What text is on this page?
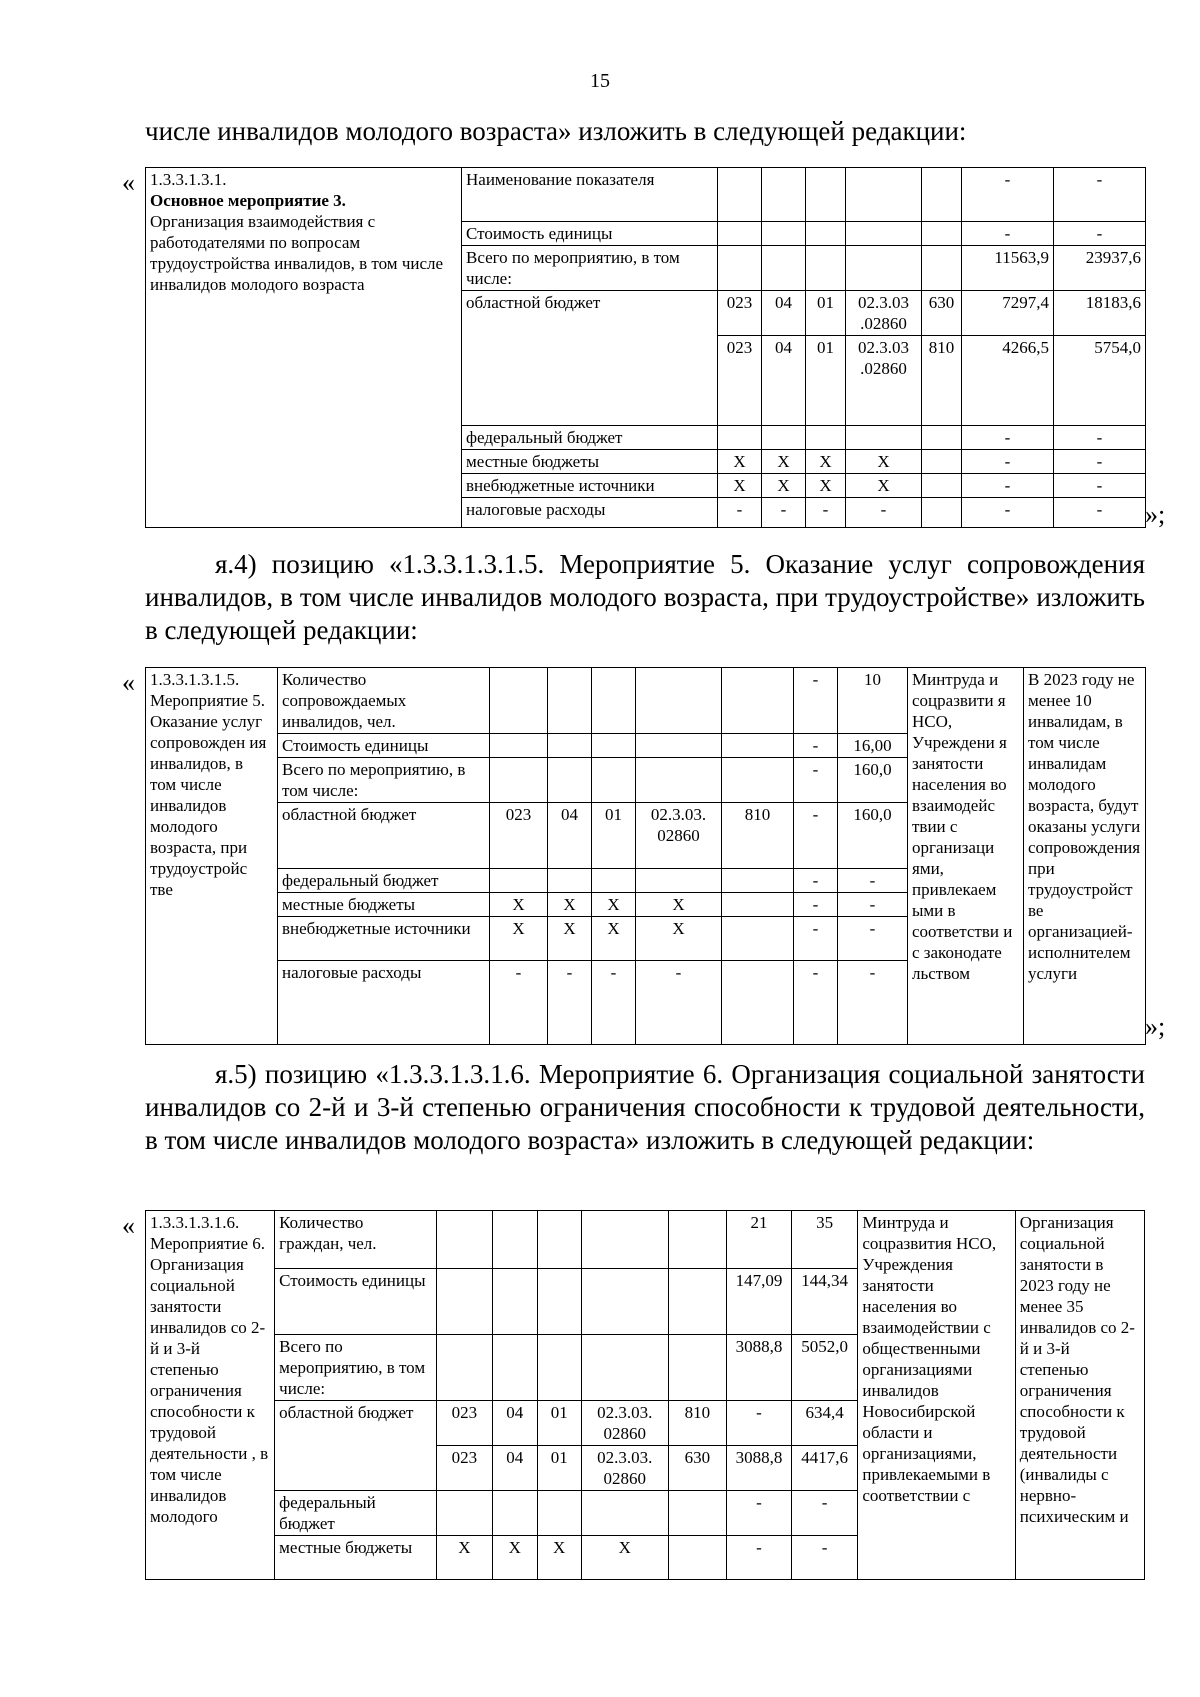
15
числе инвалидов молодого возраста» изложить в следующей редакции:
« 1.3.3.1.3.1.
Основное мероприятие 3.
Организация взаимодействия с работодателями по вопросам трудоустройства инвалидов, в том числе инвалидов молодого возраста	Наименование показателя						-	-
	Стоимость единицы						-	-
	Всего по мероприятию, в том числе:						11563,9	23937,6
	областной бюджет	023	04	01	02.3.03 .02860	630	7297,4	18183,6
		023	04	01	02.3.03 .02860	810	4266,5	5754,0
	федеральный бюджет						-	-
	местные бюджеты	Х	Х	Х	Х		-	-
	внебюджетные источники	Х	Х	Х	Х		-	-
	налоговые расходы	-	-	-	-		-	- »;
я.4) позицию «1.3.3.1.3.1.5. Мероприятие 5. Оказание услуг сопровождения инвалидов, в том числе инвалидов молодого возраста, при трудоустройстве» изложить в следующей редакции:
« 1.3.3.1.3.1.5. Мероприятие 5. Оказание услуг сопровожден ия инвалидов, в том числе инвалидов молодого возраста, при трудоустройс тве	Количество сопровождаемых инвалидов, чел.						-	10	Минтруда и соцразвити я НСО, Учреждени я занятости населения во взаимодейс твии с организаци ями, привлекаем ыми в соответстви и с законодате льством	В 2023 году не менее 10 инвалидам, в том числе инвалидам молодого возраста, будут оказаны услуги сопровождения при трудоустройст ве организацией-исполнителем услуги
	Стоимость единицы						-	16,00		
	Всего по мероприятию, в том числе:						-	160,0		
	областной бюджет	023	04	01	02.3.03. 02860	810	-	160,0		
	федеральный бюджет						-	-		
	местные бюджеты	Х	Х	Х	Х		-	-		
	внебюджетные источники	Х	Х	Х	Х		-	-		
	налоговые расходы	-	-	-	-		-	-		
»;
я.5) позицию «1.3.3.1.3.1.6. Мероприятие 6. Организация социальной занятости инвалидов со 2-й и 3-й степенью ограничения способности к трудовой деятельности, в том числе инвалидов молодого возраста» изложить в следующей редакции:
« 1.3.3.1.3.1.6. Мероприятие 6. Организация социальной занятости инвалидов со 2-й и 3-й степенью ограничения способности к трудовой деятельности , в том числе инвалидов молодого	Количество граждан, чел.						21	35	Минтруда и соцразвития НСО, Учреждения занятости населения во взаимодействии с общественными организациями инвалидов Новосибирской области и организациями, привлекаемыми в соответствии с	Организация социальной занятости в 2023 году не менее 35 инвалидов со 2-й и 3-й степенью ограничения способности к трудовой деятельности (инвалиды с нервно-психическим и
	Стоимость единицы						147,09	144,34		
	Всего по мероприятию, в том числе:						3088,8	5052,0		
	областной бюджет	023	04	01	02.3.03. 02860	810	-	634,4		
		023	04	01	02.3.03. 02860	630	3088,8	4417,6		
	федеральный бюджет						-	-		
	местные бюджеты	Х	Х	Х	Х		-	-		
